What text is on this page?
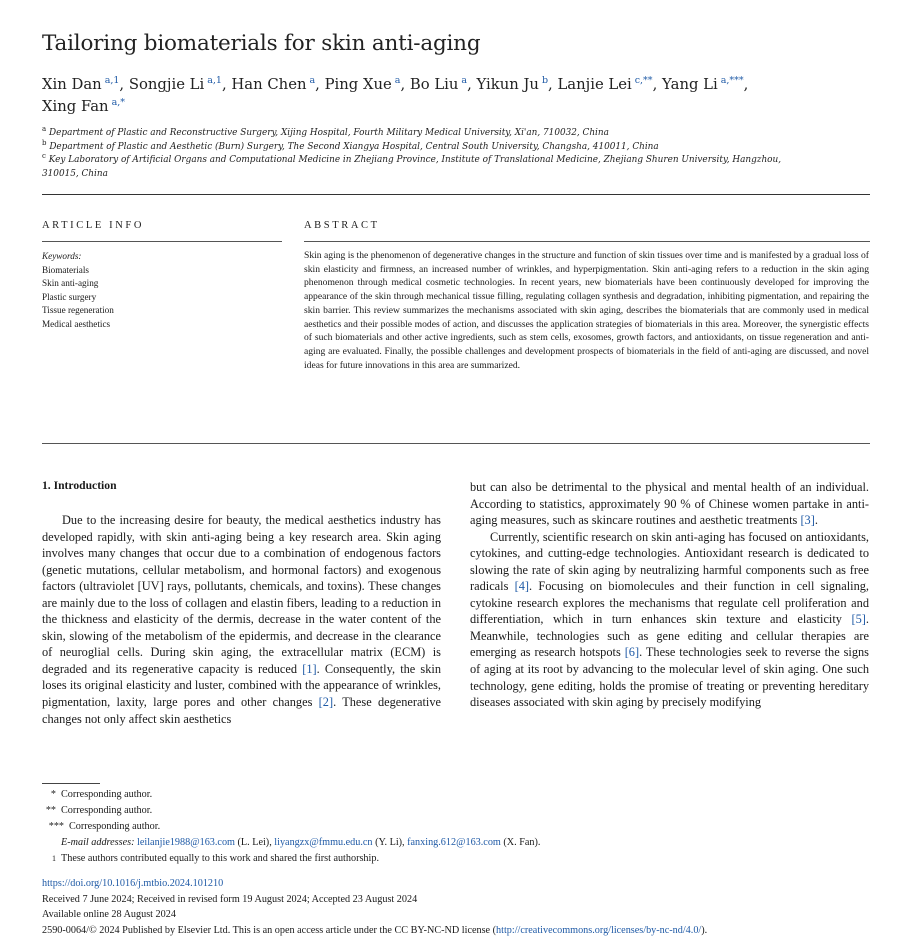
Tailoring biomaterials for skin anti-aging
Xin Dan  $^{a,1}$, Songjie Li  $^{a,1}$, Han Chen  $^a$, Ping Xue  $^a$, Bo Liu  $^a$, Yikun Ju  $^b$, Lanjie Lei  $^{c,**}$, Yang Li  $^{a,***}$, Xing Fan  $^{a,*}$
$^a$ Department of Plastic and Reconstructive Surgery, Xijing Hospital, Fourth Military Medical University, Xi'an, 710032, China
$^b$ Department of Plastic and Aesthetic (Burn) Surgery, The Second Xiangya Hospital, Central South University, Changsha, 410011, China
$^c$ Key Laboratory of Artificial Organs and Computational Medicine in Zhejiang Province, Institute of Translational Medicine, Zhejiang Shuren University, Hangzhou, 310015, China
ARTICLE INFO
Keywords:
Biomaterials
Skin anti-aging
Plastic surgery
Tissue regeneration
Medical aesthetics
ABSTRACT
Skin aging is the phenomenon of degenerative changes in the structure and function of skin tissues over time and is manifested by a gradual loss of skin elasticity and firmness, an increased number of wrinkles, and hyperpigmentation. Skin anti-aging refers to a reduction in the skin aging phenomenon through medical cosmetic technologies. In recent years, new biomaterials have been continuously developed for improving the appearance of the skin through mechanical tissue filling, regulating collagen synthesis and degradation, inhibiting pigmentation, and repairing the skin barrier. This review summarizes the mechanisms associated with skin aging, describes the biomaterials that are commonly used in medical aesthetics and their possible modes of action, and discusses the application strategies of biomaterials in this area. Moreover, the synergistic effects of such biomaterials and other active ingredients, such as stem cells, exosomes, growth factors, and antioxidants, on tissue regeneration and anti-aging are evaluated. Finally, the possible challenges and development prospects of biomaterials in the field of anti-aging are discussed, and novel ideas for future innovations in this area are summarized.
1. Introduction

Due to the increasing desire for beauty, the medical aesthetics industry has developed rapidly, with skin anti-aging being a key research area. Skin aging involves many changes that occur due to a combination of endogenous factors (genetic mutations, cellular metabolism, and hormonal factors) and exogenous factors (ultraviolet [UV] rays, pollutants, chemicals, and toxins). These changes are mainly due to the loss of collagen and elastin fibers, leading to a reduction in the thickness and elasticity of the dermis, decrease in the water content of the skin, slowing of the metabolism of the epidermis, and decrease in the clearance of neuroglial cells. During skin aging, the extracellular matrix (ECM) is degraded and its regenerative capacity is reduced [1]. Consequently, the skin loses its original elasticity and luster, combined with the appearance of wrinkles, pigmentation, laxity, large pores and other changes [2]. These degenerative changes not only affect skin aesthetics

but can also be detrimental to the physical and mental health of an individual. According to statistics, approximately 90 % of Chinese women partake in anti-aging measures, such as skincare routines and aesthetic treatments [3].

Currently, scientific research on skin anti-aging has focused on antioxidants, cytokines, and cutting-edge technologies. Antioxidant research is dedicated to slowing the rate of skin aging by neutralizing harmful components such as free radicals [4]. Focusing on biomolecules and their function in cell signaling, cytokine research explores the mechanisms that regulate cell proliferation and differentiation, which in turn enhances skin texture and elasticity [5]. Meanwhile, technologies such as gene editing and cellular therapies are emerging as research hotspots [6]. These technologies seek to reverse the signs of aging at its root by advancing to the molecular level of skin aging. One such technology, gene editing, holds the promise of treating or preventing hereditary diseases associated with skin aging by precisely modifying

* Corresponding author.
** Corresponding author.
*** Corresponding author.
E-mail addresses: leilanjie1988@163.com (L. Lei), liyangzx@fmmu.edu.cn (Y. Li), fanxing.612@163.com (X. Fan).
1 These authors contributed equally to this work and shared the first authorship.
https://doi.org/10.1016/j.mtbio.2024.101210
Received 7 June 2024; Received in revised form 19 August 2024; Accepted 23 August 2024
Available online 28 August 2024
2590-0064/© 2024 Published by Elsevier Ltd. This is an open access article under the CC BY-NC-ND license (http://creativecommons.org/licenses/by-nc-nd/4.0/).
